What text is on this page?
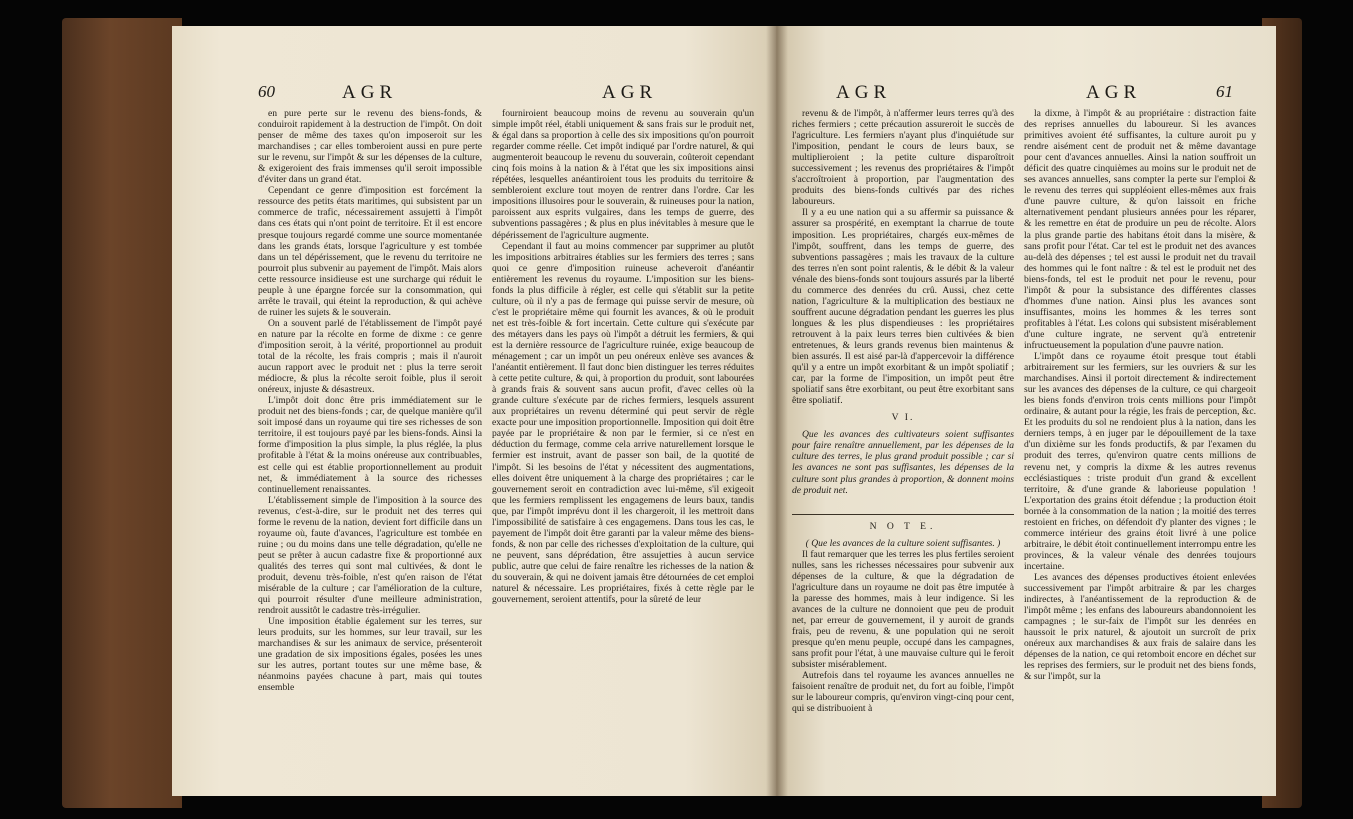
60	AGR	AGR

en pure perte sur le revenu des biens-fonds, & conduiroit rapidement à la destruction de l'impôt. On doit penser de même des taxes qu'on imposeroit sur les marchandises ; car elles tomberoient aussi en pure perte sur le revenu, sur l'impôt & sur les dépenses de la culture, & exigeroient des frais immenses qu'il seroit impossible d'éviter dans un grand état.

Cependant ce genre d'imposition est forcément la ressource des petits états maritimes, qui subsistent par un commerce de trafic, nécessairement assujetti à l'impôt dans ces états qui n'ont point de territoire. Et il est encore presque toujours regardé comme une source momentanée dans les grands états, lorsque l'agriculture y est tombée dans un tel dépérissement, que le revenu du territoire ne pourroit plus subvenir au payement de l'impôt. Mais alors cette ressource insidieuse est une surcharge qui réduit le peuple à une épargne forcée sur la consommation, qui arrête le travail, qui éteint la reproduction, & qui achève de ruiner les sujets & le souverain.

On a souvent parlé de l'établissement de l'impôt payé en nature par la récolte en forme de dixme : ce genre d'imposition seroit, à la vérité, proportionnel au produit total de la récolte, les frais compris ; mais il n'auroit aucun rapport avec le produit net : plus la terre seroit médiocre, & plus la récolte seroit foible, plus il seroit onéreux, injuste & désastreux.

L'impôt doit donc être pris immédiatement sur le produit net des biens-fonds ; car, de quelque manière qu'il soit imposé dans un royaume qui tire ses richesses de son territoire, il est toujours payé par les biens-fonds. Ainsi la forme d'imposition la plus simple, la plus réglée, la plus profitable à l'état & la moins onéreuse aux contribuables, est celle qui est établie proportionnellement au produit net, & immédiatement à la source des richesses continuellement renaissantes.

L'établissement simple de l'imposition à la source des revenus, c'est-à-dire, sur le produit net des terres qui forme le revenu de la nation, devient fort difficile dans un royaume où, faute d'avances, l'agriculture est tombée en ruine ; ou du moins dans une telle dégradation, qu'elle ne peut se prêter à aucun cadastre fixe & proportionné aux qualités des terres qui sont mal cultivées, & dont le produit, devenu très-foible, n'est qu'en raison de l'état misérable de la culture ; car l'amélioration de la culture, qui pourroit résulter d'une meilleure administration, rendroit aussitôt le cadastre très-irrégulier.

Une imposition établie également sur les terres, sur leurs produits, sur les hommes, sur leur travail, sur les marchandises & sur les animaux de service, présenteroit une gradation de six impositions égales, posées les unes sur les autres, portant toutes sur une même base, & néanmoins payées chacune à part, mais qui toutes ensemble

fourniroient beaucoup moins de revenu au souverain qu'un simple impôt réel, établi uniquement & sans frais sur le produit net, & égal dans sa proportion à celle des six impositions qu'on pourroit regarder comme réelle. Cet impôt indiqué par l'ordre naturel, & qui augmenteroit beaucoup le revenu du souverain, coûteroit cependant cinq fois moins à la nation & à l'état que les six impositions ainsi répétées, lesquelles anéantiroient tous les produits du territoire & sembleroient exclure tout moyen de rentrer dans l'ordre. Car les impositions illusoires pour le souverain, & ruineuses pour la nation, paroissent aux esprits vulgaires, dans les temps de guerre, des subventions passagères ; & plus en plus inévitables à mesure que le dépérissement de l'agriculture augmente.

Cependant il faut au moins commencer par supprimer au plutôt les impositions arbitraires établies sur les fermiers des terres ; sans quoi ce genre d'imposition ruineuse acheveroit d'anéantir entièrement les revenus du royaume. L'imposition sur les biens-fonds la plus difficile à régler, est celle qui s'établit sur la petite culture, où il n'y a pas de fermage qui puisse servir de mesure, où c'est le propriétaire même qui fournit les avances, & où le produit net est très-foible & fort incertain. Cette culture qui s'exécute par des métayers dans les pays où l'impôt a détruit les fermiers, & qui est la dernière ressource de l'agriculture ruinée, exige beaucoup de ménagement ; car un impôt un peu onéreux enlève ses avances & l'anéantit entièrement. Il faut donc bien distinguer les terres réduites à cette petite culture, & qui, à proportion du produit, sont labourées à grands frais & souvent sans aucun profit, d'avec celles où la grande culture s'exécute par de riches fermiers, lesquels assurent aux propriétaires un revenu déterminé qui peut servir de règle exacte pour une imposition proportionnelle. Imposition qui doit être payée par le propriétaire & non par le fermier, si ce n'est en déduction du fermage, comme cela arrive naturellement lorsque le fermier est instruit, avant de passer son bail, de la quotité de l'impôt. Si les besoins de l'état y nécessitent des augmentations, elles doivent être uniquement à la charge des propriétaires ; car le gouvernement seroit en contradiction avec lui-même, s'il exigeoit que les fermiers remplissent les engagemens de leurs baux, tandis que, par l'impôt imprévu dont il les chargeroit, il les mettroit dans l'impossibilité de satisfaire à ces engagemens. Dans tous les cas, le payement de l'impôt doit être garanti par la valeur même des biens-fonds, & non par celle des richesses d'exploitation de la culture, qui ne peuvent, sans déprédation, être assujetties à aucun service public, autre que celui de faire renaître les richesses de la nation & du souverain, & qui ne doivent jamais être détournées de cet emploi naturel & nécessaire. Les propriétaires, fixés à cette règle par le gouvernement, seroient attentifs, pour la sûreté de leur

AGR	AGR	61

revenu & de l'impôt, à n'affermer leurs terres qu'à des riches fermiers ; cette précaution assureroit le succès de l'agriculture. Les fermiers n'ayant plus d'inquiétude sur l'imposition, pendant le cours de leurs baux, se multiplieroient ; la petite culture disparoîtroit successivement ; les revenus des propriétaires & l'impôt s'accroîtroient à proportion, par l'augmentation des produits des biens-fonds cultivés par des riches laboureurs.

Il y a eu une nation qui a su affermir sa puissance & assurer sa prospérité, en exemptant la charrue de toute imposition. Les propriétaires, chargés eux-mêmes de l'impôt, souffrent, dans les temps de guerre, des subventions passagères ; mais les travaux de la culture des terres n'en sont point ralentis, & le débit & la valeur vénale des biens-fonds sont toujours assurés par la liberté du commerce des denrées du crû. Aussi, chez cette nation, l'agriculture & la multiplication des bestiaux ne souffrent aucune dégradation pendant les guerres les plus longues & les plus dispendieuses : les propriétaires retrouvent à la paix leurs terres bien cultivées & bien entretenues, & leurs grands revenus bien maintenus & bien assurés. Il est aisé par-là d'appercevoir la différence qu'il y a entre un impôt exorbitant & un impôt spoliatif ; car, par la forme de l'imposition, un impôt peut être spoliatif sans être exorbitant, ou peut être exorbitant sans être spoliatif.

V I.

Que les avances des cultivateurs soient suffisantes pour faire renaître annuellement, par les dépenses de la culture des terres, le plus grand produit possible ; car si les avances ne sont pas suffisantes, les dépenses de la culture sont plus grandes à proportion, & donnent moins de produit net.

N O T E.

( Que les avances de la culture soient suffisantes. )

Il faut remarquer que les terres les plus fertiles seroient nulles, sans les richesses nécessaires pour subvenir aux dépenses de la culture, & que la dégradation de l'agriculture dans un royaume ne doit pas être imputée à la paresse des hommes, mais à leur indigence. Si les avances de la culture ne donnoient que peu de produit net, par erreur de gouvernement, il y auroit de grands frais, peu de revenu, & une population qui ne seroit presque qu'en menu peuple, occupé dans les campagnes, sans profit pour l'état, à une mauvaise culture qui le feroit subsister misérablement.

Autrefois dans tel royaume les avances annuelles ne faisoient renaître de produit net, du fort au foible, l'impôt sur le laboureur compris, qu'environ vingt-cinq pour cent, qui se distribuoient à

la dixme, à l'impôt & au propriétaire : distraction faite des reprises annuelles du laboureur. Si les avances primitives avoient été suffisantes, la culture auroit pu y rendre aisément cent de produit net & même davantage pour cent d'avances annuelles. Ainsi la nation souffroit un déficit des quatre cinquièmes au moins sur le produit net de ses avances annuelles, sans compter la perte sur l'emploi & le revenu des terres qui suppléoient elles-mêmes aux frais d'une pauvre culture, & qu'on laissoit en friche alternativement pendant plusieurs années pour les réparer, & les remettre en état de produire un peu de récolte. Alors la plus grande partie des habitans étoit dans la misère, & sans profit pour l'état. Car tel est le produit net des avances au-delà des dépenses ; tel est aussi le produit net du travail des hommes qui le font naître : & tel est le produit net des biens-fonds, tel est le produit net pour le revenu, pour l'impôt & pour la subsistance des différentes classes d'hommes d'une nation. Ainsi plus les avances sont insuffisantes, moins les hommes & les terres sont profitables à l'état. Les colons qui subsistent misérablement d'une culture ingrate, ne servent qu'à entretenir infructueusement la population d'une pauvre nation.

L'impôt dans ce royaume étoit presque tout établi arbitrairement sur les fermiers, sur les ouvriers & sur les marchandises. Ainsi il portoit directement & indirectement sur les avances des dépenses de la culture, ce qui chargeoit les biens fonds d'environ trois cents millions pour l'impôt ordinaire, & autant pour la régie, les frais de perception, &c. Et les produits du sol ne rendoient plus à la nation, dans les derniers temps, à en juger par le dépouillement de la taxe d'un dixième sur les fonds productifs, & par l'examen du produit des terres, qu'environ quatre cents millions de revenu net, y compris la dixme & les autres revenus ecclésiastiques : triste produit d'un grand & excellent territoire, & d'une grande & laborieuse population ! L'exportation des grains étoit défendue ; la production étoit bornée à la consommation de la nation ; la moitié des terres restoient en friches, on défendoit d'y planter des vignes ; le commerce intérieur des grains étoit livré à une police arbitraire, le débit étoit continuellement interrompu entre les provinces, & la valeur vénale des denrées toujours incertaine.

Les avances des dépenses productives étoient enlevées successivement par l'impôt arbitraire & par les charges indirectes, à l'anéantissement de la reproduction & de l'impôt même ; les enfans des laboureurs abandonnoient les campagnes ; le sur-faix de l'impôt sur les denrées en haussoit le prix naturel, & ajoutoit un surcroît de prix onéreux aux marchandises & aux frais de salaire dans les dépenses de la nation, ce qui retomboit encore en déchet sur les reprises des fermiers, sur le produit net des biens fonds, & sur l'impôt, sur la
